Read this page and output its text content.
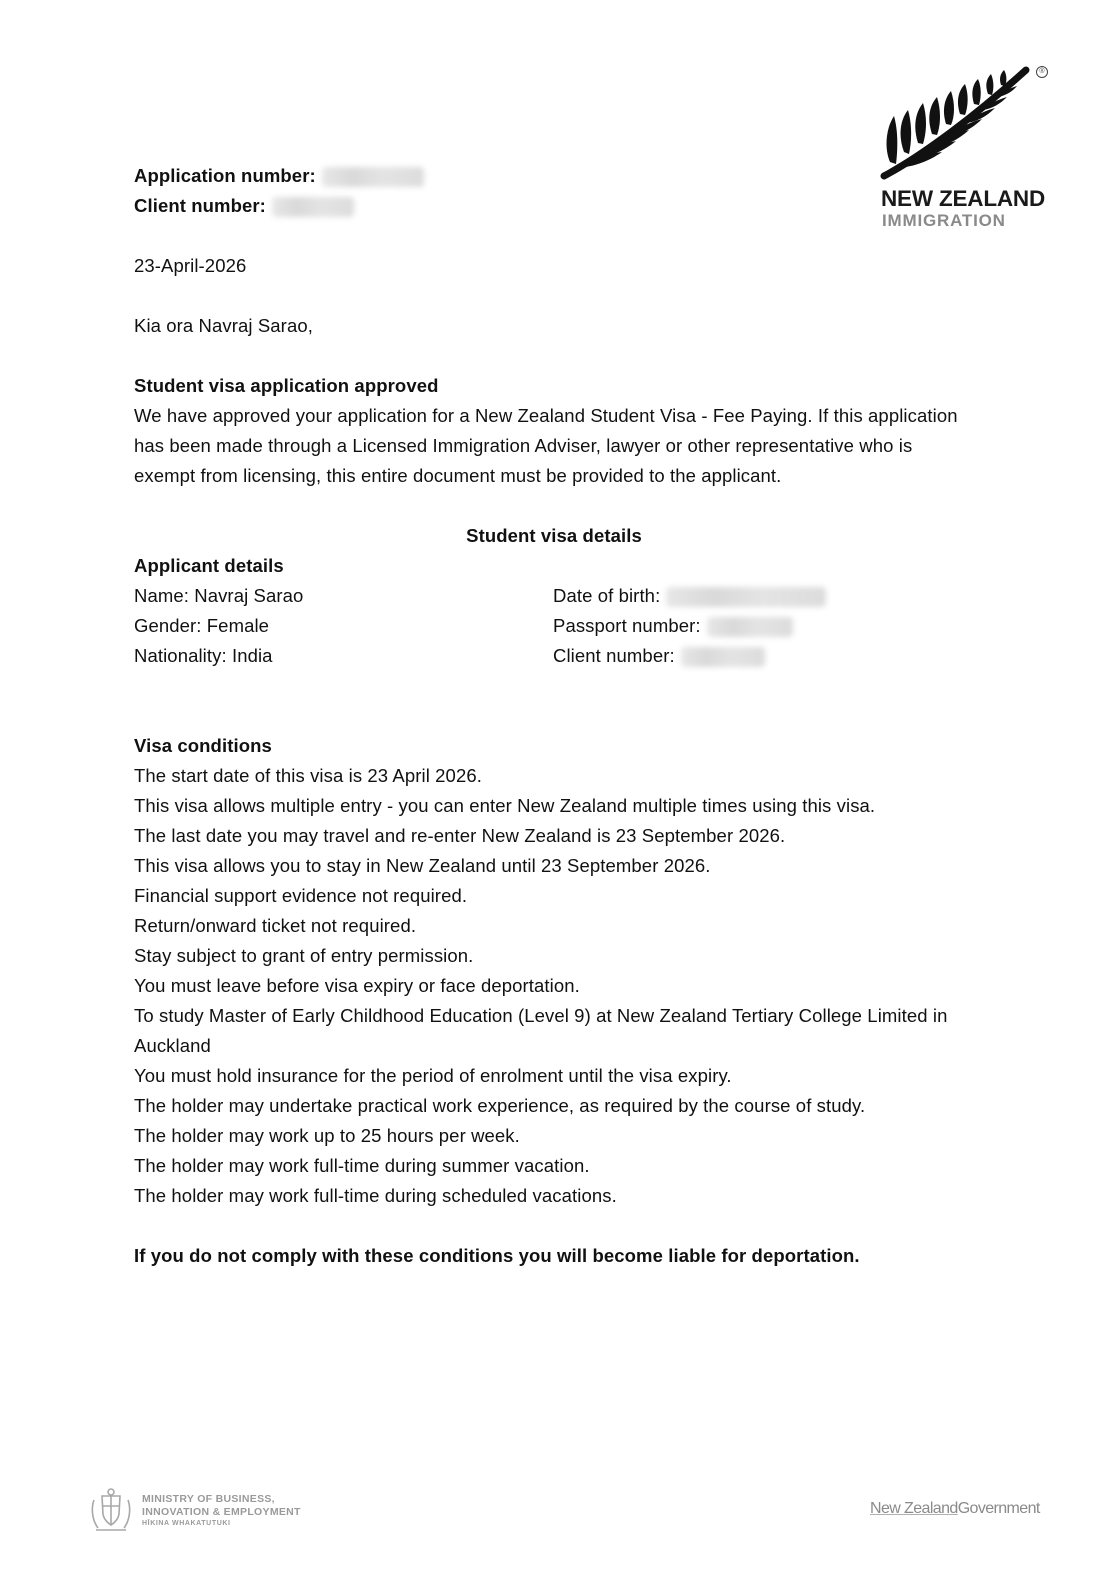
Application number:
Client number:
®
NEW ZEALAND
IMMIGRATION
23-April-2026
Kia ora Navraj Sarao,
Student visa application approved
We have approved your application for a New Zealand Student Visa - Fee Paying. If this application
has been made through a Licensed Immigration Adviser, lawyer or other representative who is
exempt from licensing, this entire document must be provided to the applicant.
Student visa details
Applicant details
Name: Navraj Sarao
Gender: Female
Nationality: India
Date of birth:
Passport number:
Client number:
Visa conditions
The start date of this visa is 23 April 2026.
This visa allows multiple entry - you can enter New Zealand multiple times using this visa.
The last date you may travel and re-enter New Zealand is 23 September 2026.
This visa allows you to stay in New Zealand until 23 September 2026.
Financial support evidence not required.
Return/onward ticket not required.
Stay subject to grant of entry permission.
You must leave before visa expiry or face deportation.
To study Master of Early Childhood Education (Level 9) at New Zealand Tertiary College Limited in
Auckland
You must hold insurance for the period of enrolment until the visa expiry.
The holder may undertake practical work experience, as required by the course of study.
The holder may work up to 25 hours per week.
The holder may work full-time during summer vacation.
The holder may work full-time during scheduled vacations.
If you do not comply with these conditions you will become liable for deportation.
MINISTRY OF BUSINESS,
INNOVATION & EMPLOYMENT
HĪKINA WHAKATUTUKI
New ZealandGovernment
